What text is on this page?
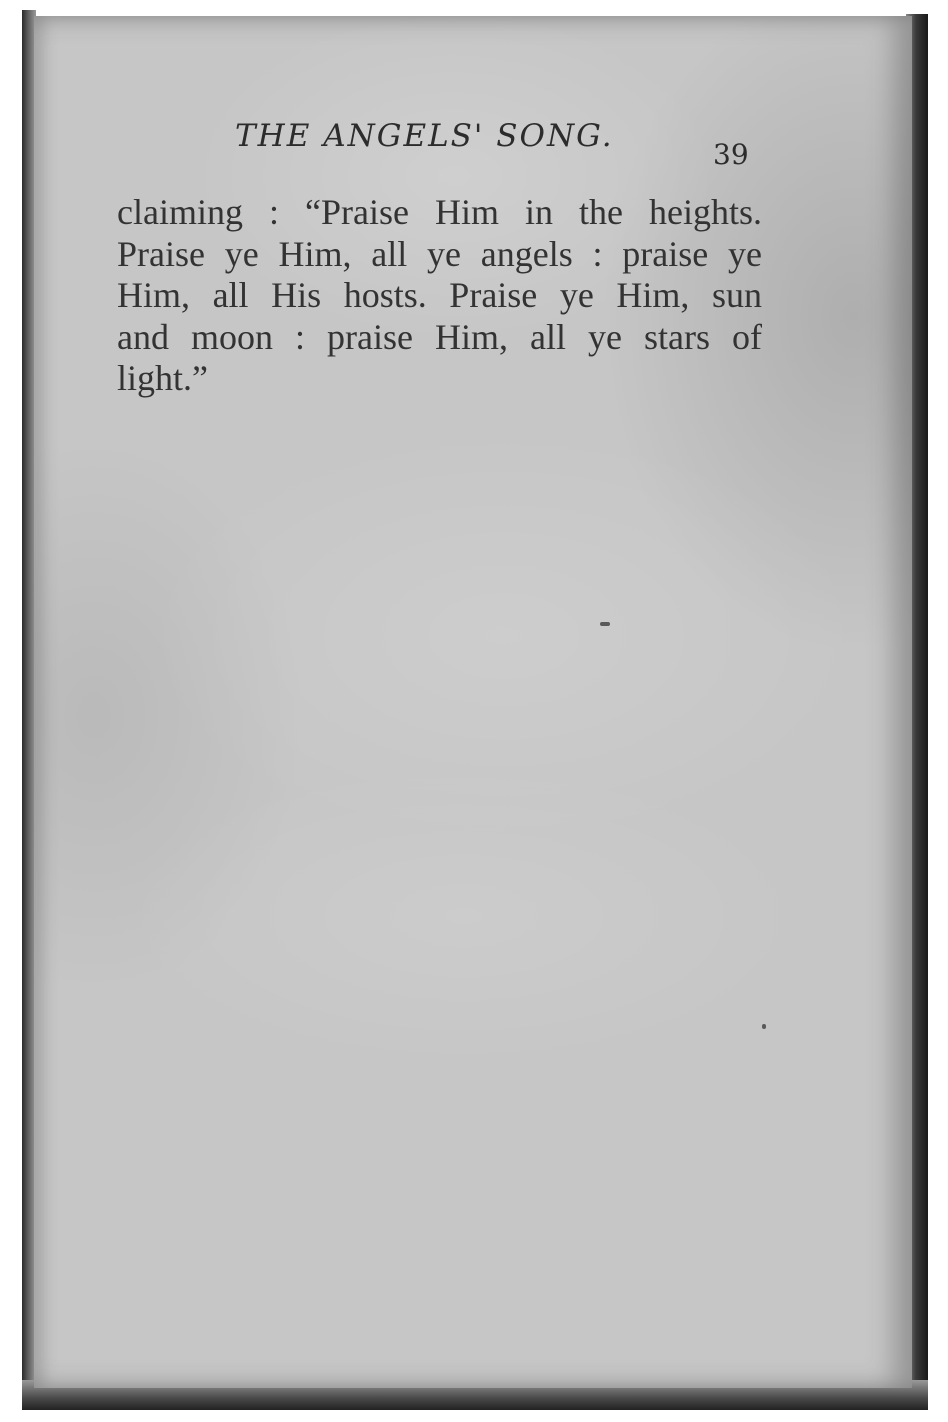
THE ANGELS' SONG.
39
claiming : “Praise Him in the heights.
Praise ye Him, all ye angels : praise ye
Him, all His hosts. Praise ye Him, sun
and moon : praise Him, all ye stars of
light.”
